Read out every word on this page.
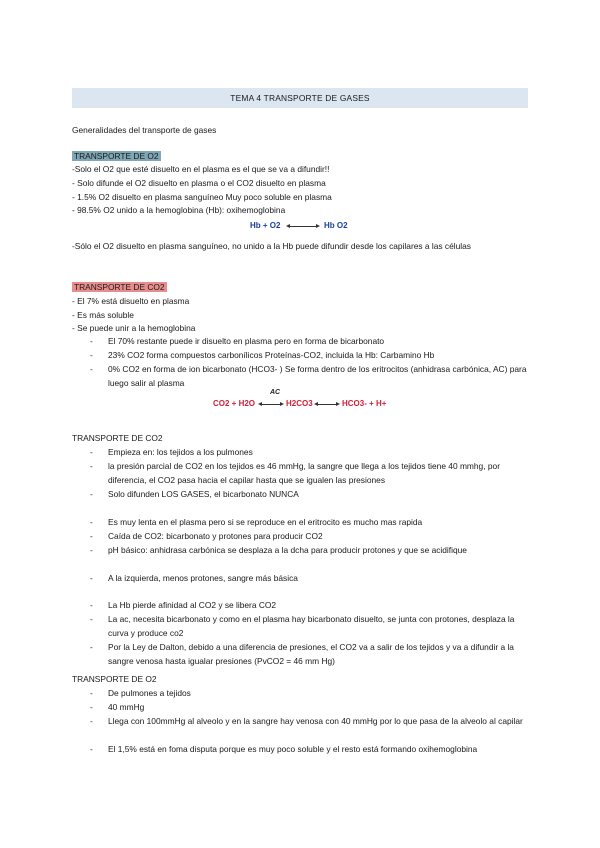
TEMA 4 TRANSPORTE DE GASES
Generalidades del transporte de gases
TRANSPORTE DE O2
-Solo el O2 que esté disuelto en el plasma es el que se va a difundir!!
- Solo difunde el O2 disuelto en plasma o el CO2 disuelto en plasma
- 1.5% O2 disuelto en plasma sanguíneo Muy poco soluble en plasma
- 98.5% O2 unido a la hemoglobina (Hb): oxihemoglobina
Hb + O2	Hb O2
-Sólo el O2 disuelto en plasma sanguíneo, no unido a la Hb puede difundir desde los capilares a las células
TRANSPORTE DE CO2
- El 7% está disuelto en plasma
- Es más soluble
- Se puede unir a la hemoglobina
- El 70% restante puede ir disuelto en plasma pero en forma de bicarbonato
- 23% CO2 forma compuestos carbonílicos Proteínas-CO2, incluida la Hb: Carbamino Hb
- 0% CO2 en forma de ion bicarbonato (HCO3- ) Se forma dentro de los eritrocitos (anhidrasa carbónica, AC) para luego salir al plasma
CO2 + H2O
AC
H2CO3	HCO3- + H+
TRANSPORTE DE CO2
- Empieza en: los tejidos a los pulmones
- la presión parcial de CO2 en los tejidos es 46 mmHg, la sangre que llega a los tejidos tiene 40 mmhg, por diferencia, el CO2 pasa hacia el capilar hasta que se igualen las presiones
- Solo difunden LOS GASES, el bicarbonato NUNCA
- Es muy lenta en el plasma pero si se reproduce en el eritrocito es mucho mas rapida
- Caída de CO2: bicarbonato y protones para producir CO2
- pH básico: anhidrasa carbónica se desplaza a la dcha para producir protones y que se acidifique
- A la izquierda, menos protones, sangre más básica
- La Hb pierde afinidad al CO2 y se libera CO2
- La ac, necesita bicarbonato y como en el plasma hay bicarbonato disuelto, se junta con protones, desplaza la curva y produce co2
- Por la Ley de Dalton, debido a una diferencia de presiones, el CO2 va a salir de los tejidos y va a difundir a la sangre venosa hasta igualar presiones (PvCO2 = 46 mm Hg)
TRANSPORTE DE O2
- De pulmones a tejidos
- 40 mmHg
- Llega con 100mmHg al alveolo y en la sangre hay venosa con 40 mmHg por lo que pasa de la alveolo al capilar
- El 1,5% está en foma disputa porque es muy poco soluble y el resto está formando oxihemoglobina
